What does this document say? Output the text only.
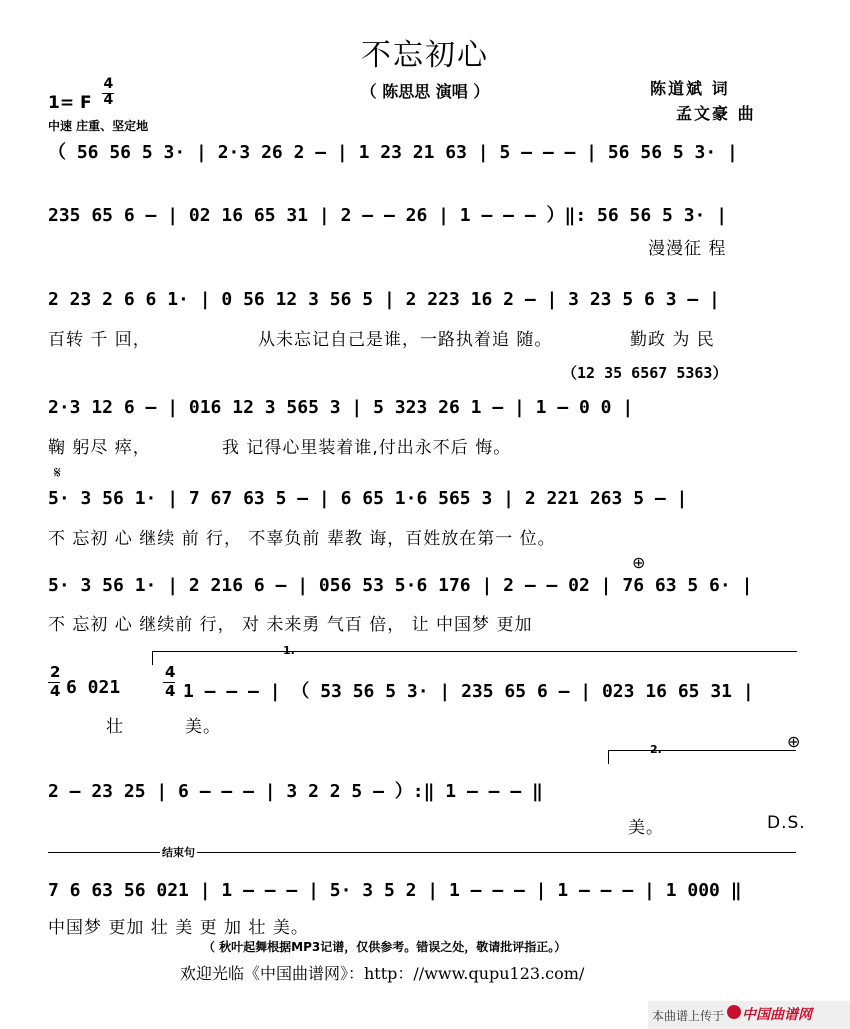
不忘初心
（ 陈思思 演唱 ）	陈道斌 词
孟文豪 曲
1= F $\frac{4}{4}$
中速 庄重、坚定地
（ 56 56 5 3· | 2·3 26 2 – | 1 23 21 63 | 5 – – – | 56 56 5 3· |
235 65 6 – | 02 16 65 31 | 2 – – 26 | 1 – – – ）‖: 56 56 5 3· |
漫漫征 程
2 23 2 6 6 1· | 0 56 12 3 56 5 | 2 223 16 2 – | 3 23 5 6 3 – |
百转 千 回，	从未忘记自己是谁，一路执着追 随。	勤政 为 民
（12 35 6567 5363）
2·3 12 6 – | 016 12 3 565 3 | 5 323 26 1 – | 1 – 0 0 |
鞠 躬尽 瘁，	我 记得心里装着谁,付出永不后 悔。
𝄋
5· 3 56 1· | 7 67 63 5 – | 6 65 1·6 565 3 | 2 221 263 5 – |
不 忘初 心 继续 前 行， 不辜负前 辈教 诲，百姓放在第一 位。
⊕
5· 3 56 1· | 2 216 6 – | 056 53 5·6 176 | 2 – – 02 | 76 63 5 6· |
不 忘初 心 继续前 行， 对 未来勇 气百 倍， 让 中国梦 更加
1.
2
4 6 021
4
4 1 – – – | （ 53 56 5 3· | 235 65 6 – | 023 16 65 31 |
壮	美。
2.	⊕
2 – 23 25 | 6 – – – | 3 2 2 5 – ）:‖ 1 – – – ‖
美。	D.S.
结束句
7 6 63 56 021 | 1 – – – | 5· 3 5 2 | 1 – – – | 1 – – – | 1 000 ‖
中国梦 更加 壮 美 更 加 壮 美。
（ 秋叶起舞根据MP3记谱，仅供参考。错误之处，敬请批评指正。）
欢迎光临《中国曲谱网》：http：//www.qupu123.com/
本曲谱上传于 中国曲谱网
